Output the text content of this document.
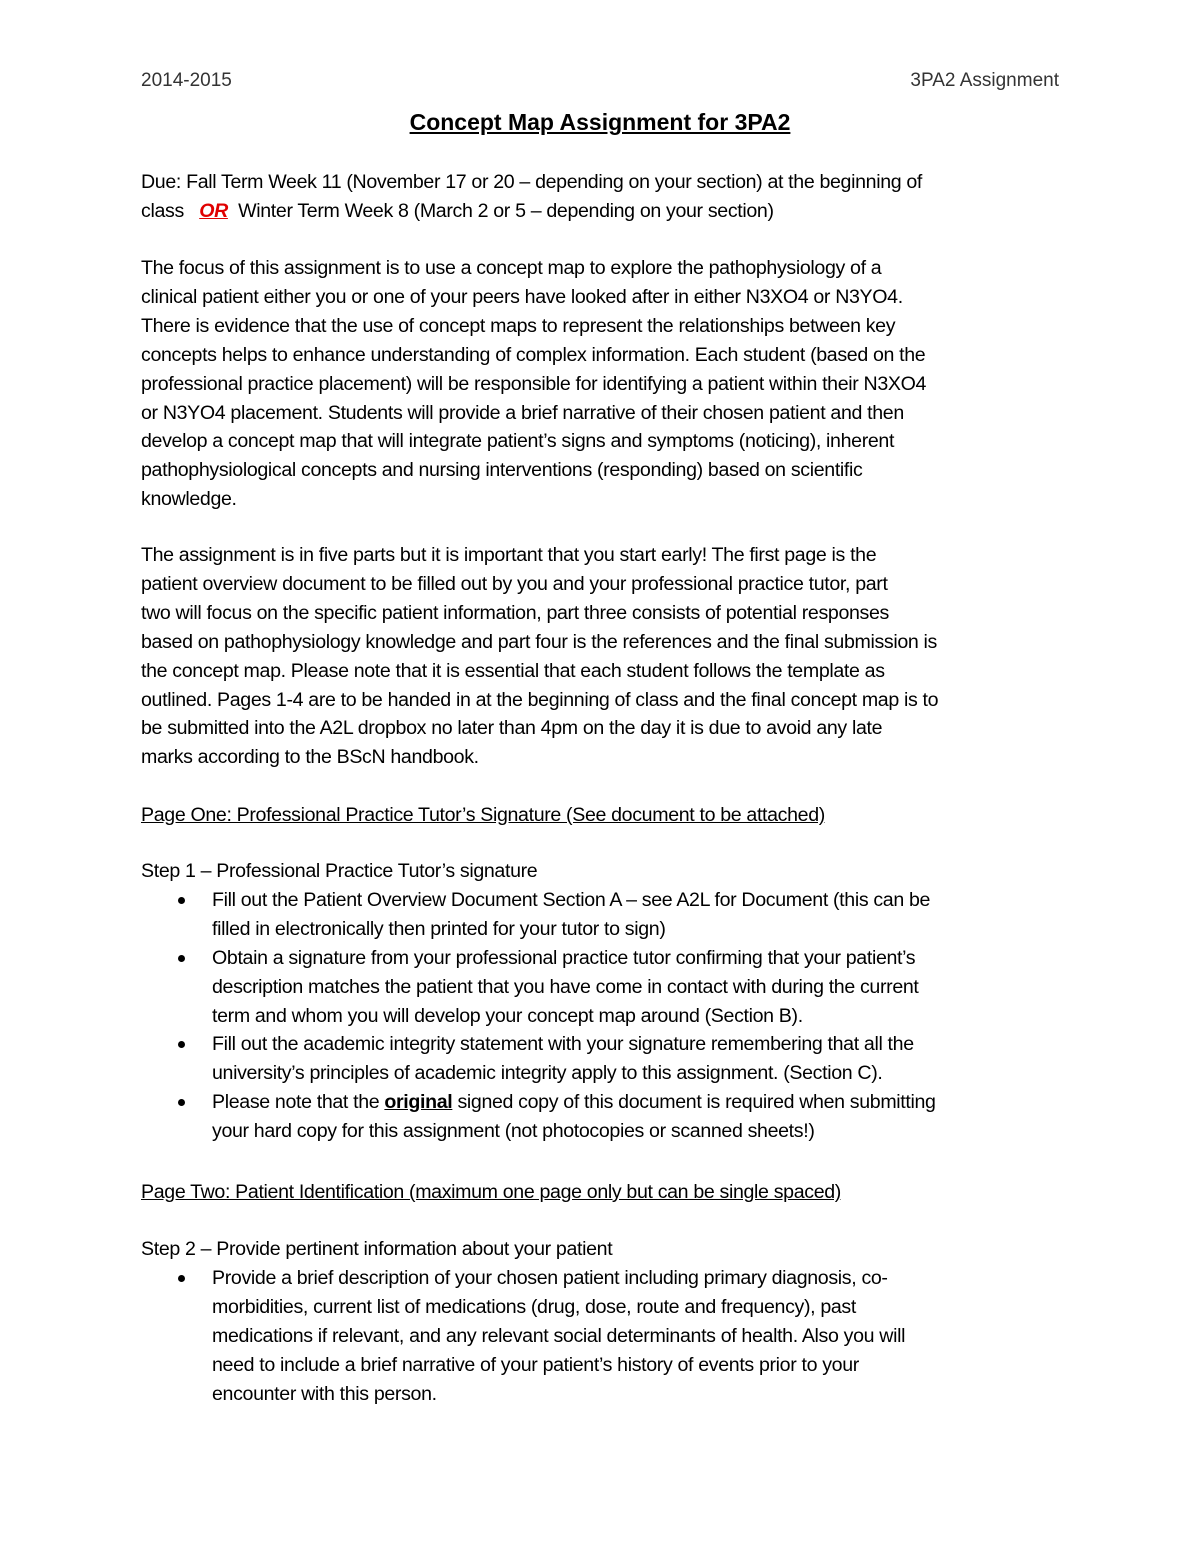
2014-2015	3PA2 Assignment
Concept Map Assignment for 3PA2
Due: Fall Term Week 11 (November 17 or 20 – depending on your section) at the beginning of
class OR Winter Term Week 8 (March 2 or 5 – depending on your section)
The focus of this assignment is to use a concept map to explore the pathophysiology of a
clinical patient either you or one of your peers have looked after in either N3XO4 or N3YO4.
There is evidence that the use of concept maps to represent the relationships between key
concepts helps to enhance understanding of complex information. Each student (based on the
professional practice placement) will be responsible for identifying a patient within their N3XO4
or N3YO4 placement. Students will provide a brief narrative of their chosen patient and then
develop a concept map that will integrate patient’s signs and symptoms (noticing), inherent
pathophysiological concepts and nursing interventions (responding) based on scientific
knowledge.
The assignment is in five parts but it is important that you start early! The first page is the
patient overview document to be filled out by you and your professional practice tutor, part
two will focus on the specific patient information, part three consists of potential responses
based on pathophysiology knowledge and part four is the references and the final submission is
the concept map. Please note that it is essential that each student follows the template as
outlined. Pages 1-4 are to be handed in at the beginning of class and the final concept map is to
be submitted into the A2L dropbox no later than 4pm on the day it is due to avoid any late
marks according to the BScN handbook.
Page One: Professional Practice Tutor’s Signature (See document to be attached)
Step 1 – Professional Practice Tutor’s signature
Fill out the Patient Overview Document Section A – see A2L for Document (this can be
filled in electronically then printed for your tutor to sign)
Obtain a signature from your professional practice tutor confirming that your patient’s
description matches the patient that you have come in contact with during the current
term and whom you will develop your concept map around (Section B).
Fill out the academic integrity statement with your signature remembering that all the
university’s principles of academic integrity apply to this assignment. (Section C).
Please note that the original signed copy of this document is required when submitting
your hard copy for this assignment (not photocopies or scanned sheets!)
Page Two: Patient Identification (maximum one page only but can be single spaced)
Step 2 – Provide pertinent information about your patient
Provide a brief description of your chosen patient including primary diagnosis, co-
morbidities, current list of medications (drug, dose, route and frequency), past
medications if relevant, and any relevant social determinants of health. Also you will
need to include a brief narrative of your patient’s history of events prior to your
encounter with this person.
